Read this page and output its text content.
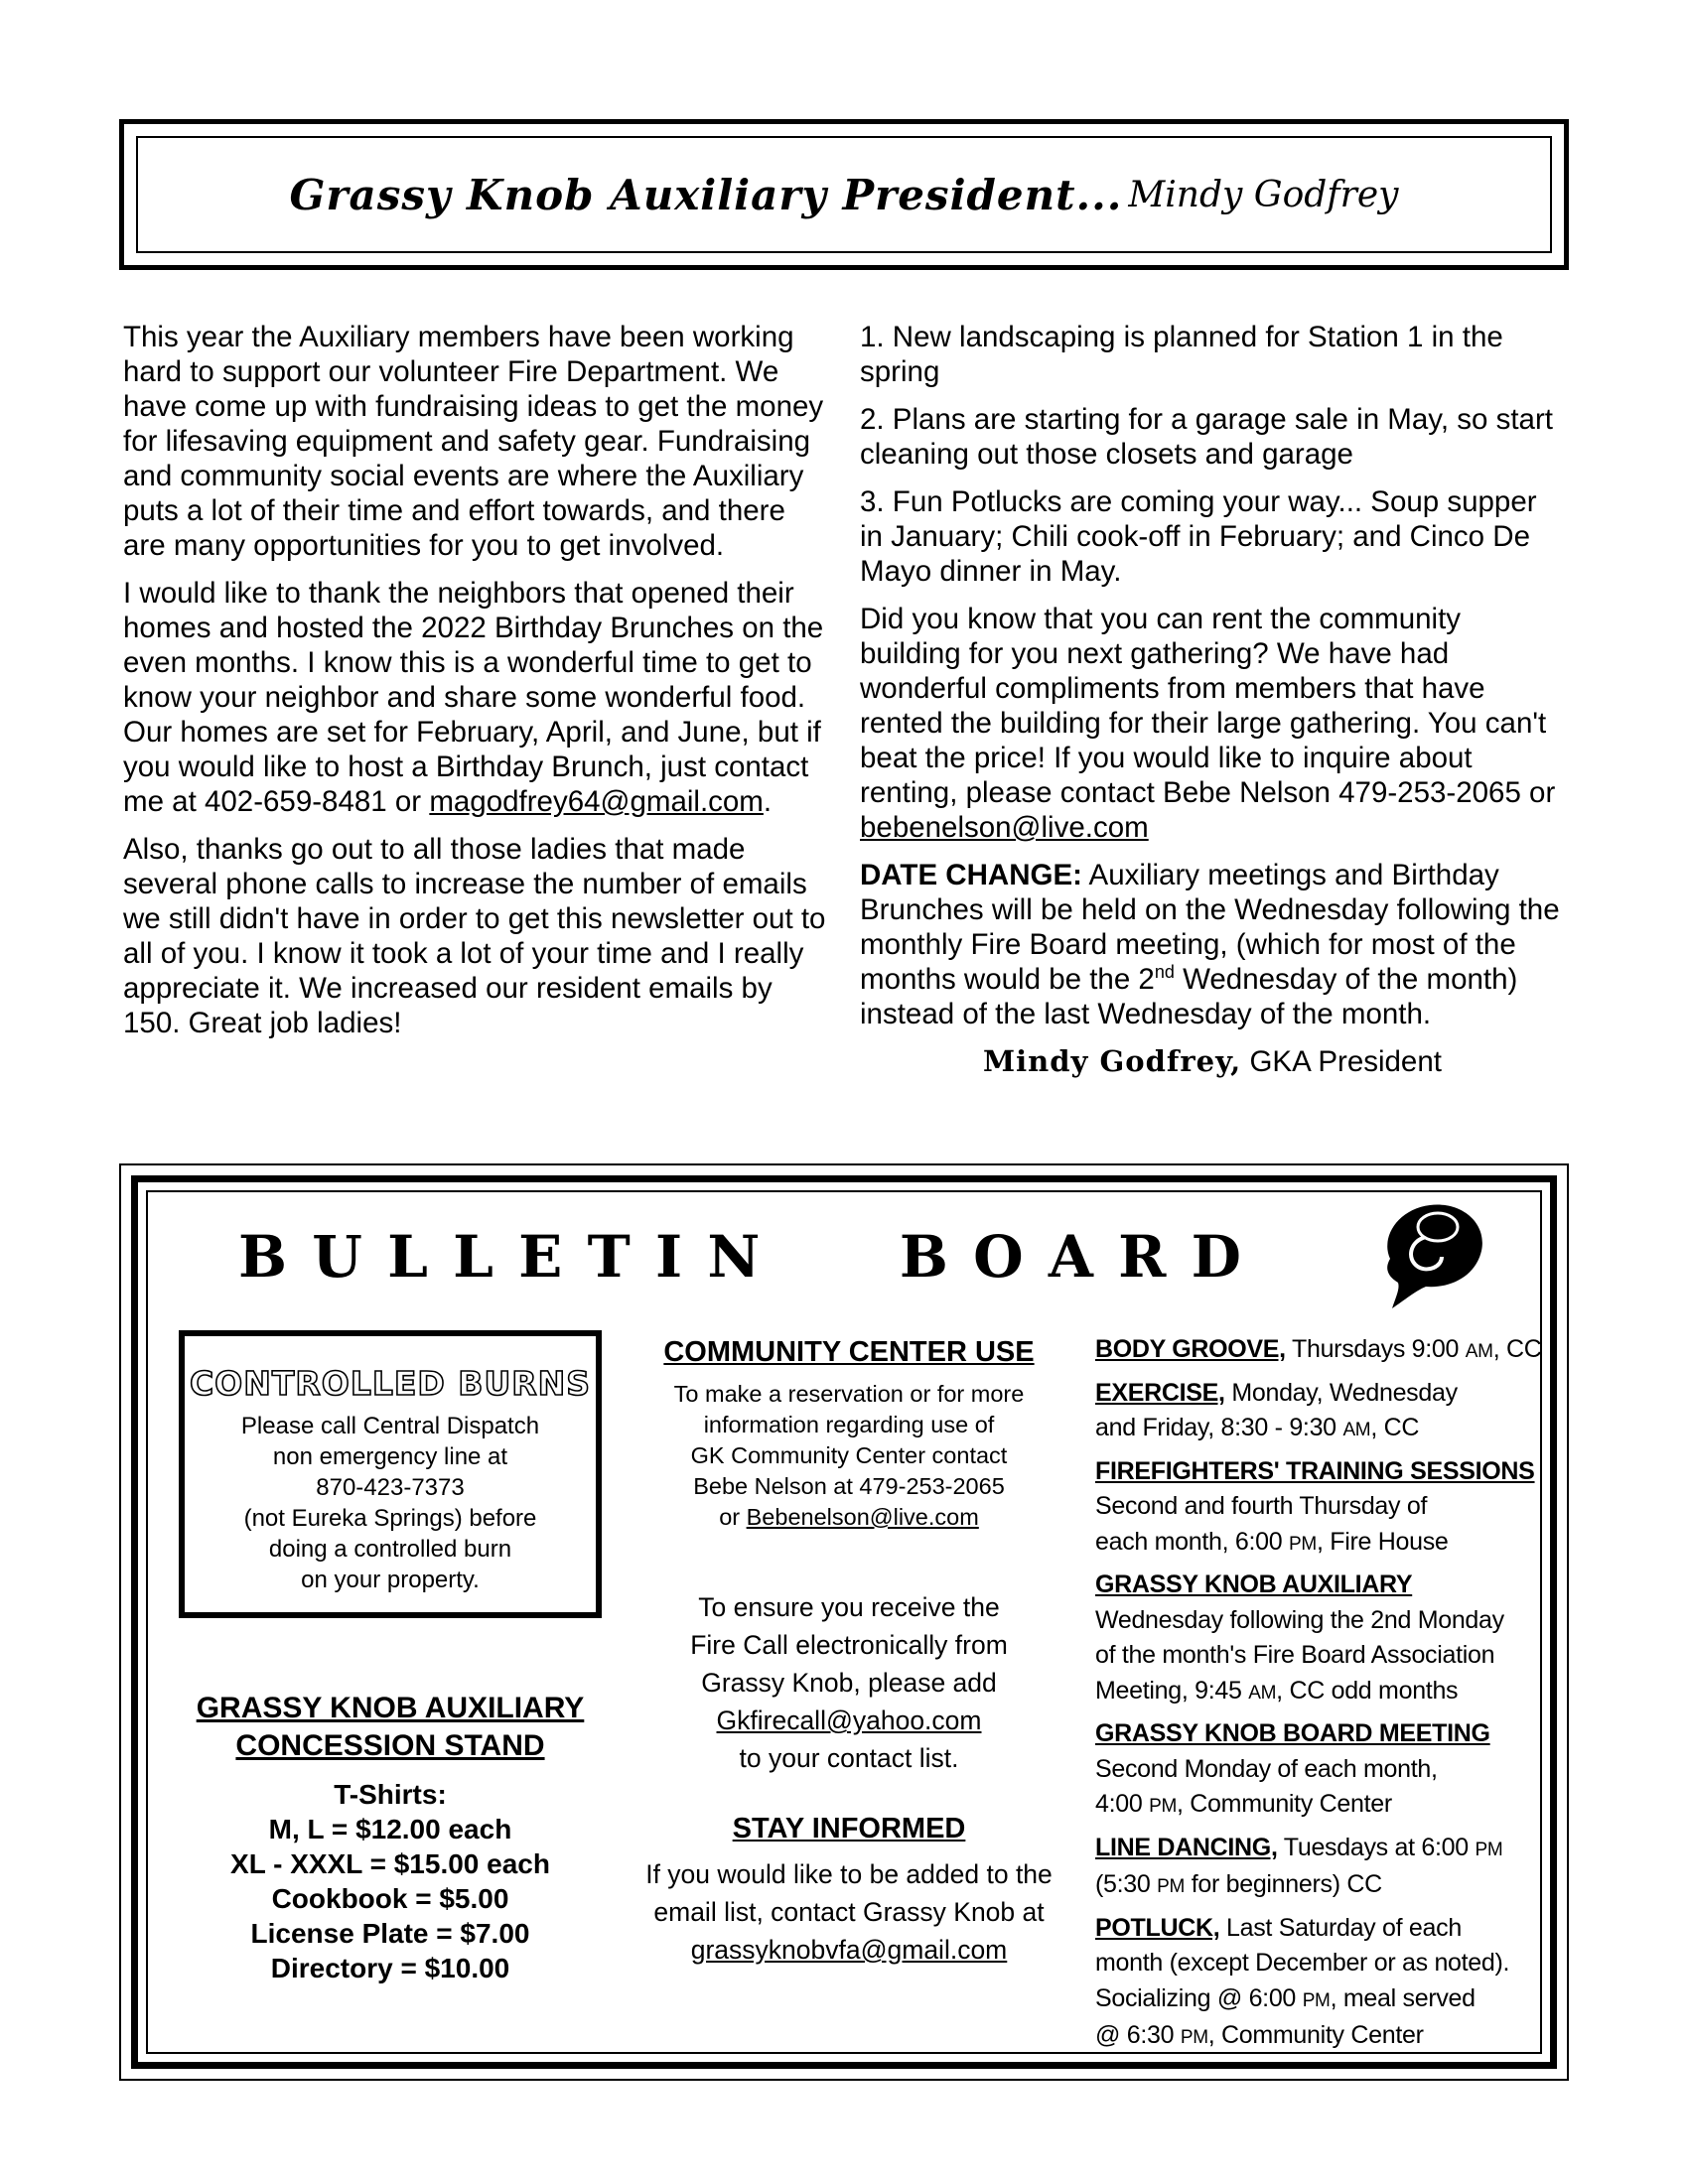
Grassy Knob Auxiliary President... Mindy Godfrey

This year the Auxiliary members have been working hard to support our volunteer Fire Department. We have come up with fundraising ideas to get the money for lifesaving equipment and safety gear. Fundraising and community social events are where the Auxiliary puts a lot of their time and effort towards, and there are many opportunities for you to get involved.

I would like to thank the neighbors that opened their homes and hosted the 2022 Birthday Brunches on the even months. I know this is a wonderful time to get to know your neighbor and share some wonderful food. Our homes are set for February, April, and June, but if you would like to host a Birthday Brunch, just contact me at 402-659-8481 or magodfrey64@gmail.com.

Also, thanks go out to all those ladies that made several phone calls to increase the number of emails we still didn't have in order to get this newsletter out to all of you. I know it took a lot of your time and I really appreciate it. We increased our resident emails by 150. Great job ladies!

1. New landscaping is planned for Station 1 in the spring

2. Plans are starting for a garage sale in May, so start cleaning out those closets and garage

3. Fun Potlucks are coming your way... Soup supper in January; Chili cook-off in February; and Cinco De Mayo dinner in May.

Did you know that you can rent the community building for you next gathering? We have had wonderful compliments from members that have rented the building for their large gathering. You can't beat the price! If you would like to inquire about renting, please contact Bebe Nelson 479-253-2065 or bebenelson@live.com

DATE CHANGE: Auxiliary meetings and Birthday Brunches will be held on the Wednesday following the monthly Fire Board meeting, (which for most of the months would be the 2nd Wednesday of the month) instead of the last Wednesday of the month.

Mindy Godfrey, GKA President
B U L L E T I N B O A R D
CONTROLLED BURNS
Please call Central Dispatch
non emergency line at
870-423-7373
(not Eureka Springs) before
doing a controlled burn
on your property.
GRASSY KNOB AUXILIARY
CONCESSION STAND
T-Shirts:
M, L = $12.00 each
XL - XXXL = $15.00 each
Cookbook = $5.00
License Plate = $7.00
Directory = $10.00
COMMUNITY CENTER USE
To make a reservation or for more
information regarding use of
GK Community Center contact
Bebe Nelson at 479-253-2065
or Bebenelson@live.com
To ensure you receive the
Fire Call electronically from
Grassy Knob, please add
Gkfirecall@yahoo.com
to your contact list.
STAY INFORMED
If you would like to be added to the
email list, contact Grassy Knob at
grassyknobvfa@gmail.com
BODY GROOVE, Thursdays 9:00 AM, CC
EXERCISE, Monday, Wednesday
and Friday, 8:30 - 9:30 AM, CC
FIREFIGHTERS' TRAINING SESSIONS
Second and fourth Thursday of
each month, 6:00 PM, Fire House
GRASSY KNOB AUXILIARY
Wednesday following the 2nd Monday
of the month's Fire Board Association
Meeting, 9:45 AM, CC odd months
GRASSY KNOB BOARD MEETING
Second Monday of each month,
4:00 PM, Community Center
LINE DANCING, Tuesdays at 6:00 PM
(5:30 PM for beginners) CC
POTLUCK, Last Saturday of each
month (except December or as noted).
Socializing @ 6:00 PM, meal served
@ 6:30 PM, Community Center
